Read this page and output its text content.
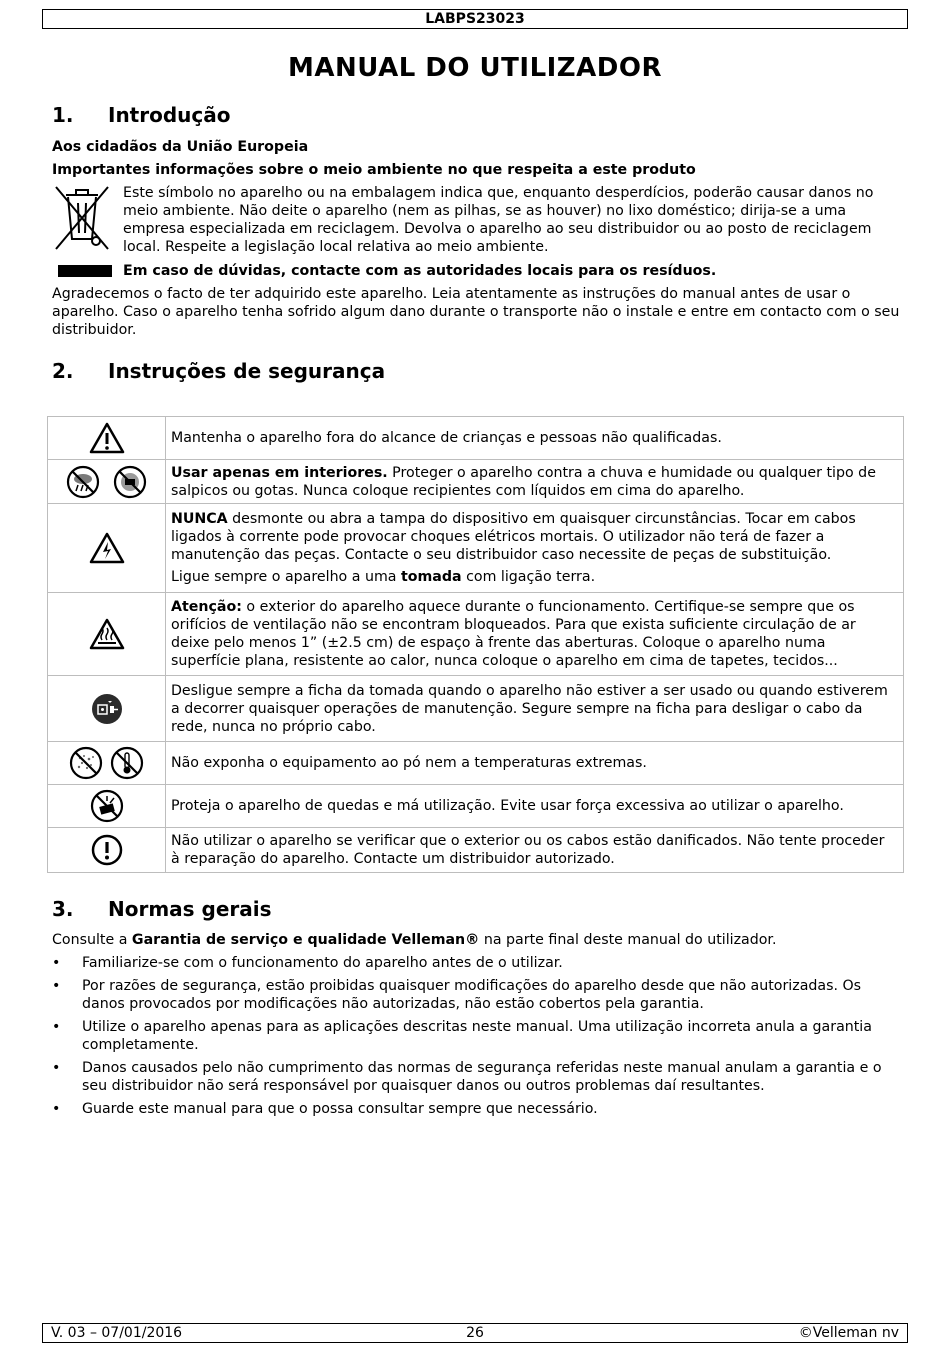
LABPS23023
MANUAL DO UTILIZADOR
1. Introdução
Aos cidadãos da União Europeia
Importantes informações sobre o meio ambiente no que respeita a este produto
Este símbolo no aparelho ou na embalagem indica que, enquanto desperdícios, poderão causar danos no meio ambiente. Não deite o aparelho (nem as pilhas, se as houver) no lixo doméstico; dirija-se a uma empresa especializada em reciclagem. Devolva o aparelho ao seu distribuidor ou ao posto de reciclagem local. Respeite a legislação local relativa ao meio ambiente.
Em caso de dúvidas, contacte com as autoridades locais para os resíduos.
Agradecemos o facto de ter adquirido este aparelho. Leia atentamente as instruções do manual antes de usar o aparelho. Caso o aparelho tenha sofrido algum dano durante o transporte não o instale e entre em contacto com o seu distribuidor.
2. Instruções de segurança

Mantenha o aparelho fora do alcance de crianças e pessoas não qualificadas.

Usar apenas em interiores. Proteger o aparelho contra a chuva e humidade ou qualquer tipo de salpicos ou gotas. Nunca coloque recipientes com líquidos em cima do aparelho.

NUNCA desmonte ou abra a tampa do dispositivo em quaisquer circunstâncias. Tocar em cabos ligados à corrente pode provocar choques elétricos mortais. O utilizador não terá de fazer a manutenção das peças. Contacte o seu distribuidor caso necessite de peças de substituição.

Ligue sempre o aparelho a uma tomada com ligação terra.

Atenção: o exterior do aparelho aquece durante o funcionamento. Certifique-se sempre que os orifícios de ventilação não se encontram bloqueados. Para que exista suficiente circulação de ar deixe pelo menos 1” (±2.5 cm) de espaço à frente das aberturas. Coloque o aparelho numa superfície plana, resistente ao calor, nunca coloque o aparelho em cima de tapetes, tecidos...

Desligue sempre a ficha da tomada quando o aparelho não estiver a ser usado ou quando estiverem a decorrer quaisquer operações de manutenção. Segure sempre na ficha para desligar o cabo da rede, nunca no próprio cabo.

Não exponha o equipamento ao pó nem a temperaturas extremas.

Proteja o aparelho de quedas e má utilização. Evite usar força excessiva ao utilizar o aparelho.

Não utilizar o aparelho se verificar que o exterior ou os cabos estão danificados. Não tente proceder à reparação do aparelho. Contacte um distribuidor autorizado.

3. Normas gerais
Consulte a Garantia de serviço e qualidade Velleman® na parte final deste manual do utilizador.
• Familiarize-se com o funcionamento do aparelho antes de o utilizar.
• Por razões de segurança, estão proibidas quaisquer modificações do aparelho desde que não autorizadas. Os danos provocados por modificações não autorizadas, não estão cobertos pela garantia.
• Utilize o aparelho apenas para as aplicações descritas neste manual. Uma utilização incorreta anula a garantia completamente.
• Danos causados pelo não cumprimento das normas de segurança referidas neste manual anulam a garantia e o seu distribuidor não será responsável por quaisquer danos ou outros problemas daí resultantes.
• Guarde este manual para que o possa consultar sempre que necessário.
V. 03 – 07/01/2016	26	©Velleman nv
